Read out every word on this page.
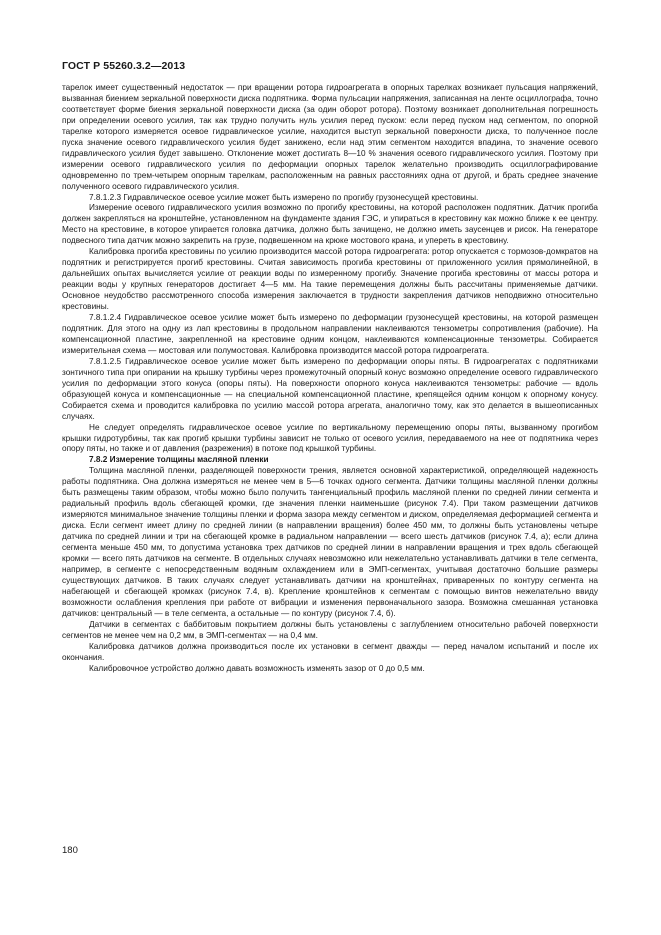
ГОСТ Р 55260.3.2—2013

тарелок имеет существенный недостаток — при вращении ротора гидроагрегата в опорных тарелках возникает пульсация напряжений, вызванная биением зеркальной поверхности диска подпятника. Форма пульсации напряжения, записанная на ленте осциллографа, точно соответствует форме биения зеркальной поверхности диска (за один оборот ротора). Поэтому возникает дополнительная погрешность при определении осевого усилия, так как трудно получить нуль усилия перед пуском: если перед пуском над сегментом, по опорной тарелке которого измеряется осевое гидравлическое усилие, находится выступ зеркальной поверхности диска, то полученное после пуска значение осевого гидравлического усилия будет занижено, если над этим сегментом находится впадина, то значение осевого гидравлического усилия будет завышено. Отклонение может достигать 8—10 % значения осевого гидравлического усилия. Поэтому при измерении осевого гидравлического усилия по деформации опорных тарелок желательно производить осциллографирование одновременно по трем-четырем опорным тарелкам, расположенным на равных расстояниях одна от другой, и брать среднее значение полученного осевого гидравлического усилия.

7.8.1.2.3 Гидравлическое осевое усилие может быть измерено по прогибу грузонесущей крестовины.

Измерение осевого гидравлического усилия возможно по прогибу крестовины, на которой расположен подпятник. Датчик прогиба должен закрепляться на кронштейне, установленном на фундаменте здания ГЭС, и упираться в крестовину как можно ближе к ее центру. Место на крестовине, в которое упирается головка датчика, должно быть зачищено, не должно иметь заусенцев и рисок. На генераторе подвесного типа датчик можно закрепить на грузе, подвешенном на крюке мостового крана, и упереть в крестовину.

Калибровка прогиба крестовины по усилию производится массой ротора гидроагрегата: ротор опускается с тормозов-домкратов на подпятник и регистрируется прогиб крестовины. Считая зависимость прогиба крестовины от приложенного усилия прямолинейной, в дальнейших опытах вычисляется усилие от реакции воды по измеренному прогибу. Значение прогиба крестовины от массы ротора и реакции воды у крупных генераторов достигает 4—5 мм. На такие перемещения должны быть рассчитаны применяемые датчики. Основное неудобство рассмотренного способа измерения заключается в трудности закрепления датчиков неподвижно относительно крестовины.

7.8.1.2.4 Гидравлическое осевое усилие может быть измерено по деформации грузонесущей крестовины, на которой размещен подпятник. Для этого на одну из лап крестовины в продольном направлении наклеиваются тензометры сопротивления (рабочие). На компенсационной пластине, закрепленной на крестовине одним концом, наклеиваются компенсационные тензометры. Собирается измерительная схема — мостовая или полумостовая. Калибровка производится массой ротора гидроагрегата.

7.8.1.2.5 Гидравлическое осевое усилие может быть измерено по деформации опоры пяты. В гидроагрегатах с подпятниками зонтичного типа при опирании на крышку турбины через промежуточный опорный конус возможно определение осевого гидравлического усилия по деформации этого конуса (опоры пяты). На поверхности опорного конуса наклеиваются тензометры: рабочие — вдоль образующей конуса и компенсационные — на специальной компенсационной пластине, крепящейся одним концом к опорному конусу. Собирается схема и проводится калибровка по усилию массой ротора агрегата, аналогично тому, как это делается в вышеописанных случаях.

Не следует определять гидравлическое осевое усилие по вертикальному перемещению опоры пяты, вызванному прогибом крышки гидротурбины, так как прогиб крышки турбины зависит не только от осевого усилия, передаваемого на нее от подпятника через опору пяты, но также и от давления (разрежения) в потоке под крышкой турбины.

7.8.2 Измерение толщины масляной пленки

Толщина масляной пленки, разделяющей поверхности трения, является основной характеристикой, определяющей надежность работы подпятника. Она должна измеряться не менее чем в 5—6 точках одного сегмента. Датчики толщины масляной пленки должны быть размещены таким образом, чтобы можно было получить тангенциальный профиль масляной пленки по средней линии сегмента и радиальный профиль вдоль сбегающей кромки, где значения пленки наименьшие (рисунок 7.4). При таком размещении датчиков измеряются минимальное значение толщины пленки и форма зазора между сегментом и диском, определяемая деформацией сегмента и диска. Если сегмент имеет длину по средней линии (в направлении вращения) более 450 мм, то должны быть установлены четыре датчика по средней линии и три на сбегающей кромке в радиальном направлении — всего шесть датчиков (рисунок 7.4, а); если длина сегмента меньше 450 мм, то допустима установка трех датчиков по средней линии в направлении вращения и трех вдоль сбегающей кромки — всего пять датчиков на сегменте. В отдельных случаях невозможно или нежелательно устанавливать датчики в теле сегмента, например, в сегменте с непосредственным водяным охлаждением или в ЭМП-сегментах, учитывая достаточно большие размеры существующих датчиков. В таких случаях следует устанавливать датчики на кронштейнах, приваренных по контуру сегмента на набегающей и сбегающей кромках (рисунок 7.4, в). Крепление кронштейнов к сегментам с помощью винтов нежелательно ввиду возможности ослабления крепления при работе от вибрации и изменения первоначального зазора. Возможна смешанная установка датчиков: центральный — в теле сегмента, а остальные — по контуру (рисунок 7.4, б).

Датчики в сегментах с баббитовым покрытием должны быть установлены с заглублением относительно рабочей поверхности сегментов не менее чем на 0,2 мм, в ЭМП-сегментах — на 0,4 мм.

Калибровка датчиков должна производиться после их установки в сегмент дважды — перед началом испытаний и после их окончания.

Калибровочное устройство должно давать возможность изменять зазор от 0 до 0,5 мм.

180
